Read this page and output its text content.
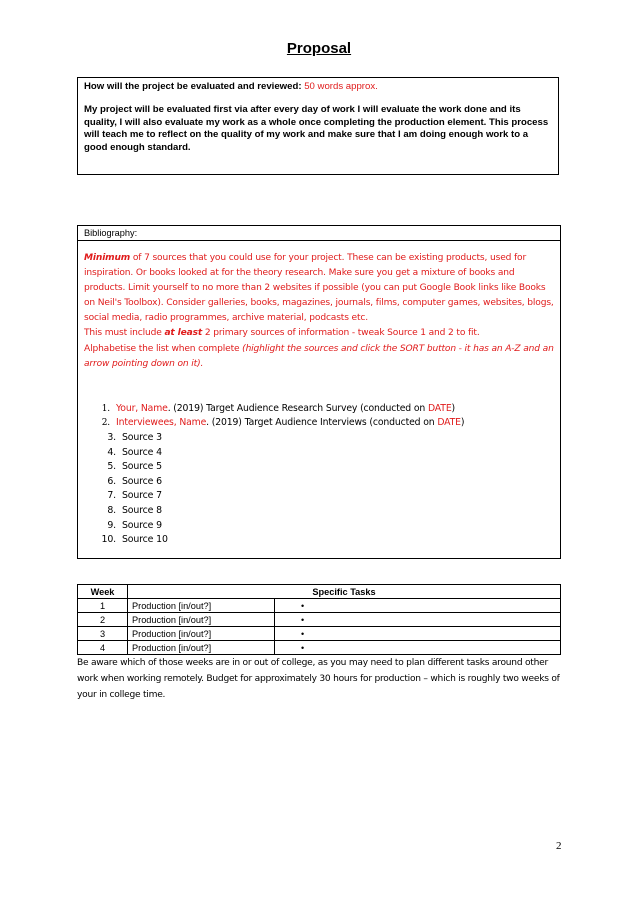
Proposal
How will the project be evaluated and reviewed: 50 words approx.
My project will be evaluated first via after every day of work I will evaluate the work done and its quality, I will also evaluate my work as a whole once completing the production element. This process will teach me to reflect on the quality of my work and make sure that I am doing enough work to a good enough standard.
Bibliography:
Minimum of 7 sources that you could use for your project. These can be existing products, used for inspiration. Or books looked at for the theory research. Make sure you get a mixture of books and products. Limit yourself to no more than 2 websites if possible (you can put Google Book links like Books on Neil's Toolbox). Consider galleries, books, magazines, journals, films, computer games, websites, blogs, social media, radio programmes, archive material, podcasts etc.
This must include at least 2 primary sources of information - tweak Source 1 and 2 to fit.
Alphabetise the list when complete (highlight the sources and click the SORT button - it has an A-Z and an arrow pointing down on it).
1. Your, Name. (2019) Target Audience Research Survey (conducted on DATE)
2. Interviewees, Name. (2019) Target Audience Interviews (conducted on DATE)
3. Source 3
4. Source 4
5. Source 5
6. Source 6
7. Source 7
8. Source 8
9. Source 9
10. Source 10
Week	Specific Tasks	
1	Production [in/out?]	•
2	Production [in/out?]	•
3	Production [in/out?]	•
4	Production [in/out?]	•
Be aware which of those weeks are in or out of college, as you may need to plan different tasks around other work when working remotely. Budget for approximately 30 hours for production – which is roughly two weeks of your in college time.
2
